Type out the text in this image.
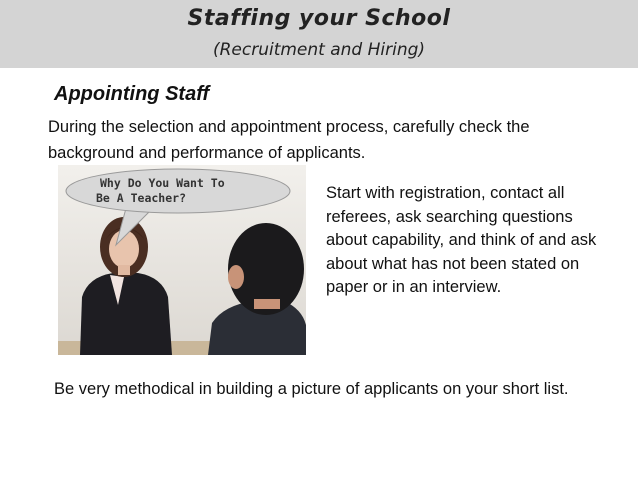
Staffing your School
(Recruitment and Hiring)
Appointing Staff
During the selection and appointment process, carefully check the background and performance of applicants.
Why Do You Want To
Be A Teacher?	Start with registration, contact all referees, ask searching questions about capability, and think of and ask about what has not been stated on paper or in an interview.
Be very methodical in building a picture of applicants on your short list.
